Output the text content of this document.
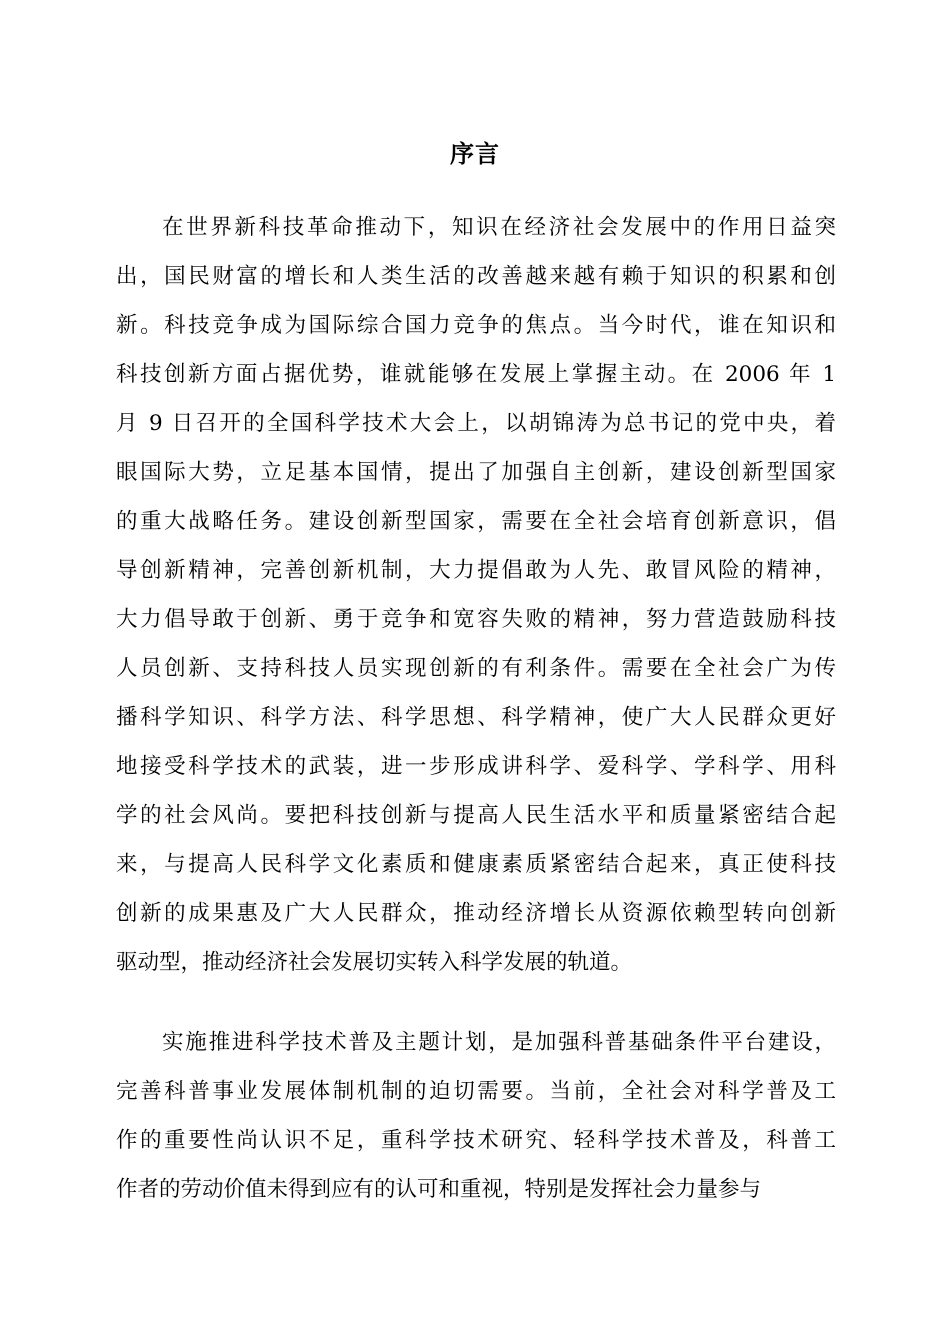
序言
在世界新科技革命推动下，知识在经济社会发展中的作用日益突
出，国民财富的增长和人类生活的改善越来越有赖于知识的积累和创
新。科技竞争成为国际综合国力竞争的焦点。当今时代，谁在知识和
科技创新方面占据优势，谁就能够在发展上掌握主动。在 2006 年 1
月 9 日召开的全国科学技术大会上，以胡锦涛为总书记的党中央，着
眼国际大势，立足基本国情，提出了加强自主创新，建设创新型国家
的重大战略任务。建设创新型国家，需要在全社会培育创新意识，倡
导创新精神，完善创新机制，大力提倡敢为人先、敢冒风险的精神，
大力倡导敢于创新、勇于竞争和宽容失败的精神，努力营造鼓励科技
人员创新、支持科技人员实现创新的有利条件。需要在全社会广为传
播科学知识、科学方法、科学思想、科学精神，使广大人民群众更好
地接受科学技术的武装，进一步形成讲科学、爱科学、学科学、用科
学的社会风尚。要把科技创新与提高人民生活水平和质量紧密结合起
来，与提高人民科学文化素质和健康素质紧密结合起来，真正使科技
创新的成果惠及广大人民群众，推动经济增长从资源依赖型转向创新
驱动型，推动经济社会发展切实转入科学发展的轨道。
实施推进科学技术普及主题计划，是加强科普基础条件平台建设，
完善科普事业发展体制机制的迫切需要。当前，全社会对科学普及工
作的重要性尚认识不足，重科学技术研究、轻科学技术普及，科普工
作者的劳动价值未得到应有的认可和重视，特别是发挥社会力量参与
